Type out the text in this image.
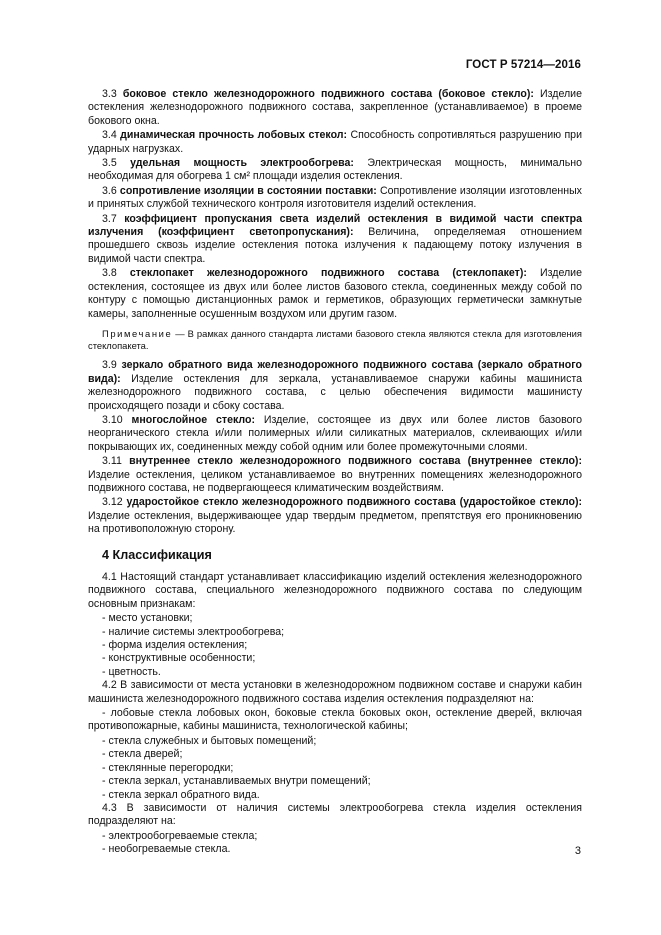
ГОСТ Р 57214—2016

3.3 боковое стекло железнодорожного подвижного состава (боковое стекло): Изделие остекления железнодорожного подвижного состава, закрепленное (устанавливаемое) в проеме бокового окна.

3.4 динамическая прочность лобовых стекол: Способность сопротивляться разрушению при ударных нагрузках.

3.5 удельная мощность электрообогрева: Электрическая мощность, минимально необходимая для обогрева 1 см² площади изделия остекления.

3.6 сопротивление изоляции в состоянии поставки: Сопротивление изоляции изготовленных и принятых службой технического контроля изготовителя изделий остекления.

3.7 коэффициент пропускания света изделий остекления в видимой части спектра излучения (коэффициент светопропускания): Величина, определяемая отношением прошедшего сквозь изделие остекления потока излучения к падающему потоку излучения в видимой части спектра.

3.8 стеклопакет железнодорожного подвижного состава (стеклопакет): Изделие остекления, состоящее из двух или более листов базового стекла, соединенных между собой по контуру с помощью дистанционных рамок и герметиков, образующих герметически замкнутые камеры, заполненные осушенным воздухом или другим газом.

Примечание — В рамках данного стандарта листами базового стекла являются стекла для изготовления стеклопакета.

3.9 зеркало обратного вида железнодорожного подвижного состава (зеркало обратного вида): Изделие остекления для зеркала, устанавливаемое снаружи кабины машиниста железнодорожного подвижного состава, с целью обеспечения видимости машинисту происходящего позади и сбоку состава.

3.10 многослойное стекло: Изделие, состоящее из двух или более листов базового неорганического стекла и/или полимерных и/или силикатных материалов, склеивающих и/или покрывающих их, соединенных между собой одним или более промежуточными слоями.

3.11 внутреннее стекло железнодорожного подвижного состава (внутреннее стекло): Изделие остекления, целиком устанавливаемое во внутренних помещениях железнодорожного подвижного состава, не подвергающееся климатическим воздействиям.

3.12 ударостойкое стекло железнодорожного подвижного состава (ударостойкое стекло): Изделие остекления, выдерживающее удар твердым предметом, препятствуя его проникновению на противоположную сторону.

4 Классификация

4.1 Настоящий стандарт устанавливает классификацию изделий остекления железнодорожного подвижного состава, специального железнодорожного подвижного состава по следующим основным признакам:

- место установки;

- наличие системы электрообогрева;

- форма изделия остекления;

- конструктивные особенности;

- цветность.

4.2 В зависимости от места установки в железнодорожном подвижном составе и снаружи кабин машиниста железнодорожного подвижного состава изделия остекления подразделяют на:

- лобовые стекла лобовых окон, боковые стекла боковых окон, остекление дверей, включая противопожарные, кабины машиниста, технологической кабины;

- стекла служебных и бытовых помещений;

- стекла дверей;

- стеклянные перегородки;

- стекла зеркал, устанавливаемых внутри помещений;

- стекла зеркал обратного вида.

4.3 В зависимости от наличия системы электрообогрева стекла изделия остекления подразделяют на:

- электрообогреваемые стекла;

- необогреваемые стекла.	3
